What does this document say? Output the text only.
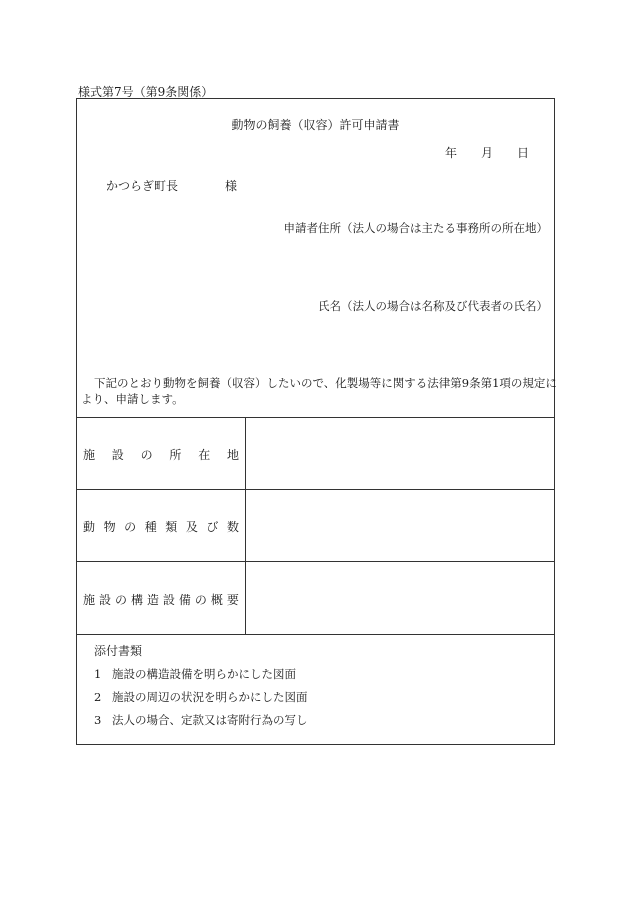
様式第7号（第9条関係）
動物の飼養（収容）許可申請書
年 月 日
かつらぎ町長	様
申請者住所（法人の場合は主たる事務所の所在地）
氏名（法人の場合は名称及び代表者の氏名）
下記のとおり動物を飼養（収容）したいので、化製場等に関する法律第9条第1項の規定に
より、申請します。
施 設 の 所 在 地
動 物 の 種 類 及 び 数
施 設 の 構 造 設 備 の 概 要
添付書類
1 施設の構造設備を明らかにした図面
2 施設の周辺の状況を明らかにした図面
3 法人の場合、定款又は寄附行為の写し
